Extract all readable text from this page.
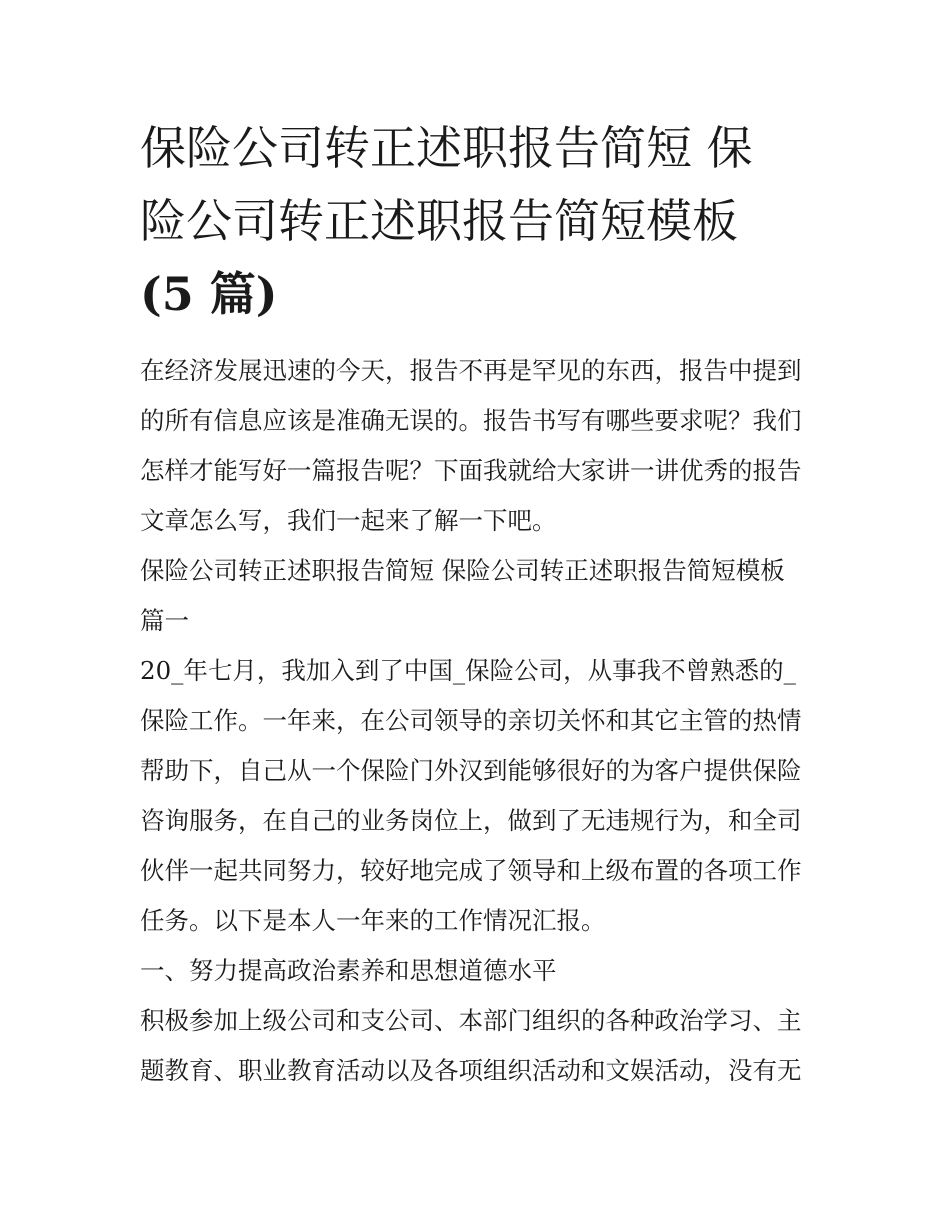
保险公司转正述职报告简短 保
险公司转正述职报告简短模板
(5 篇)

在经济发展迅速的今天，报告不再是罕见的东西，报告中提到
的所有信息应该是准确无误的。报告书写有哪些要求呢？我们
怎样才能写好一篇报告呢？下面我就给大家讲一讲优秀的报告
文章怎么写，我们一起来了解一下吧。

保险公司转正述职报告简短 保险公司转正述职报告简短模板
篇一

20_年七月，我加入到了中国_保险公司，从事我不曾熟悉的_
保险工作。一年来，在公司领导的亲切关怀和其它主管的热情
帮助下，自己从一个保险门外汉到能够很好的为客户提供保险
咨询服务，在自己的业务岗位上，做到了无违规行为，和全司
伙伴一起共同努力，较好地完成了领导和上级布置的各项工作
任务。以下是本人一年来的工作情况汇报。

一、努力提高政治素养和思想道德水平

积极参加上级公司和支公司、本部门组织的各种政治学习、主
题教育、职业教育活动以及各项组织活动和文娱活动，没有无
